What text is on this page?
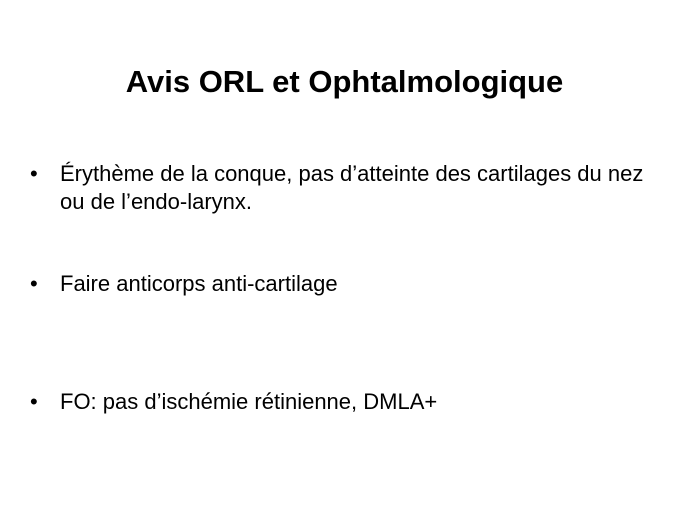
Avis ORL et Ophtalmologique
• Érythème de la conque, pas d’atteinte des cartilages du nez ou de l’endo-larynx.
• Faire anticorps anti-cartilage
• FO: pas d’ischémie rétinienne, DMLA+
